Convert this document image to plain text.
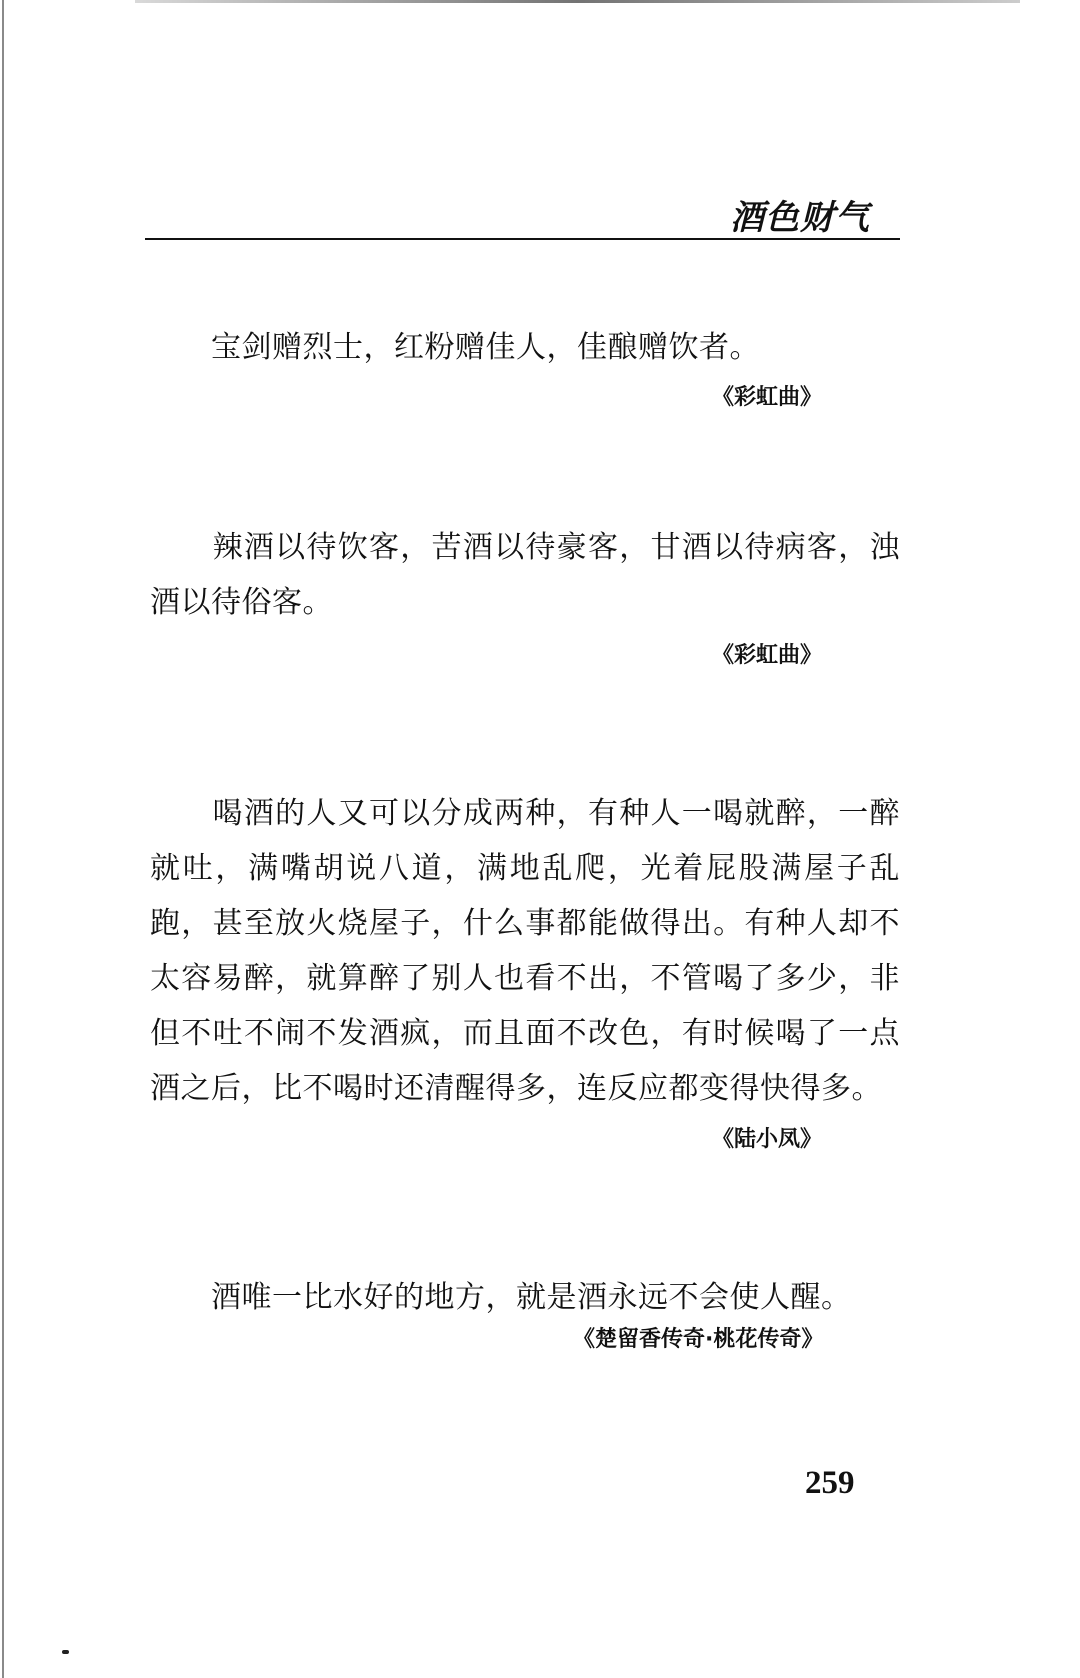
酒色财气
　　宝剑赠烈士，红粉赠佳人，佳酿赠饮者。
《彩虹曲》
　　辣酒以待饮客，苦酒以待豪客，甘酒以待病客，浊酒以待俗客。
《彩虹曲》
　　喝酒的人又可以分成两种，有种人一喝就醉，一醉就吐，满嘴胡说八道，满地乱爬，光着屁股满屋子乱跑，甚至放火烧屋子，什么事都能做得出。有种人却不太容易醉，就算醉了别人也看不出，不管喝了多少，非但不吐不闹不发酒疯，而且面不改色，有时候喝了一点酒之后，比不喝时还清醒得多，连反应都变得快得多。
《陆小凤》
　　酒唯一比水好的地方，就是酒永远不会使人醒。
《楚留香传奇·桃花传奇》
259
